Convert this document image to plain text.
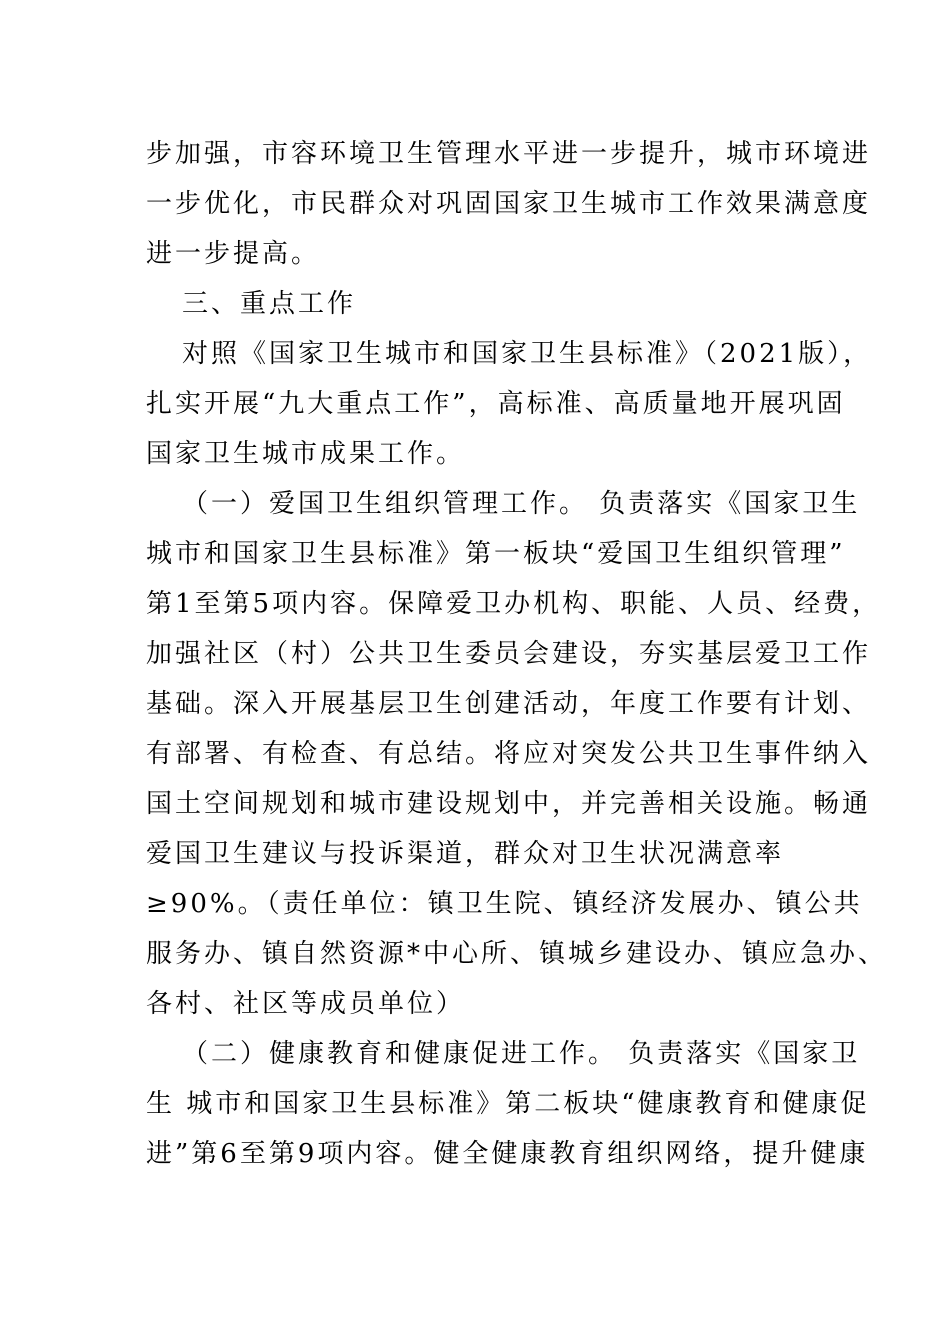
步加强，市容环境卫生管理水平进一步提升，城市环境进
一步优化，市民群众对巩固国家卫生城市工作效果满意度
进一步提高。
三、重点工作
对照《国家卫生城市和国家卫生县标准》（2021版），
扎实开展“九大重点工作”，高标准、高质量地开展巩固
国家卫生城市成果工作。
（一）爱国卫生组织管理工作。 负责落实《国家卫生
城市和国家卫生县标准》第一板块“爱国卫生组织管理”
第1至第5项内容。保障爱卫办机构、职能、人员、经费，
加强社区（村）公共卫生委员会建设，夯实基层爱卫工作
基础。深入开展基层卫生创建活动，年度工作要有计划、
有部署、有检查、有总结。将应对突发公共卫生事件纳入
国土空间规划和城市建设规划中，并完善相关设施。畅通
爱国卫生建议与投诉渠道，群众对卫生状况满意率
≥90%。（责任单位：镇卫生院、镇经济发展办、镇公共
服务办、镇自然资源*中心所、镇城乡建设办、镇应急办、
各村、社区等成员单位）
（二）健康教育和健康促进工作。 负责落实《国家卫
生 城市和国家卫生县标准》第二板块“健康教育和健康促
进”第6至第9项内容。健全健康教育组织网络，提升健康
